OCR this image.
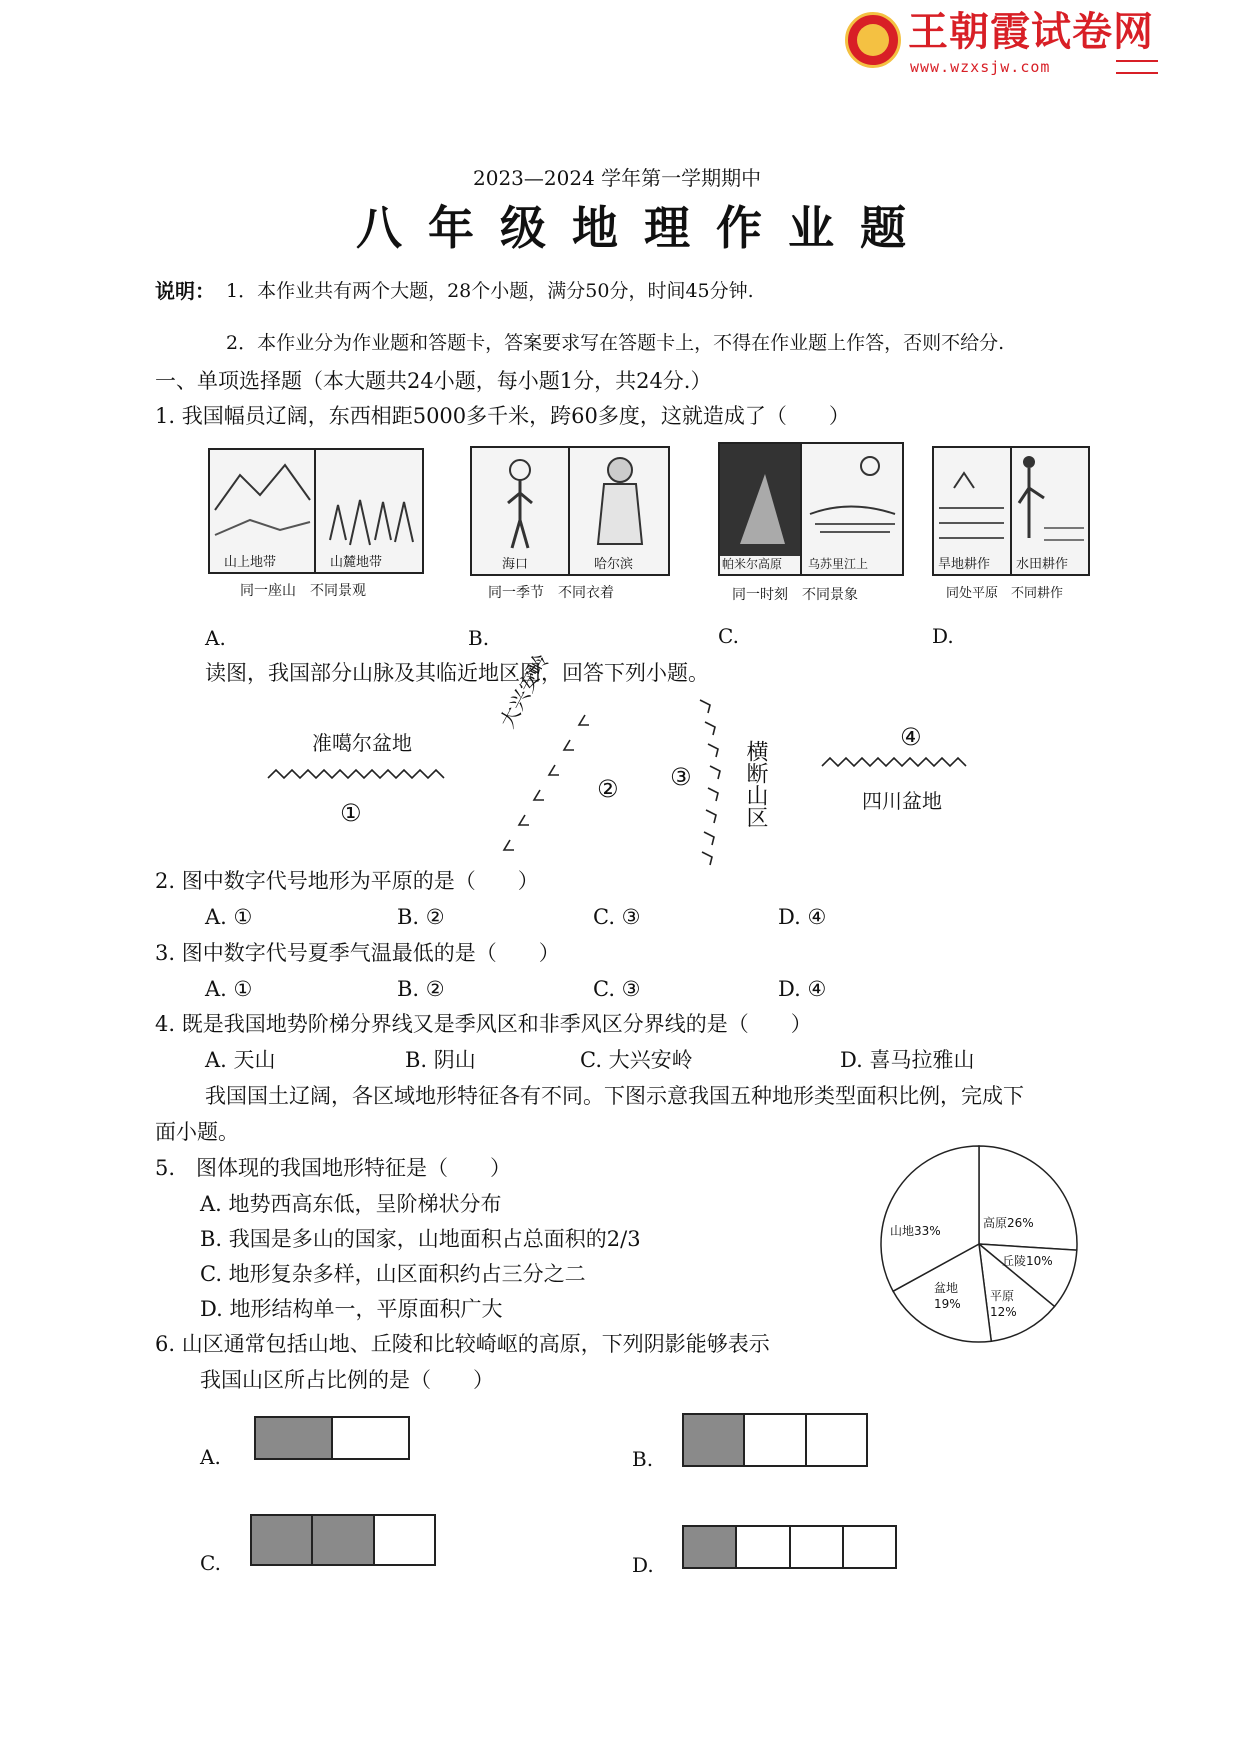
王朝霞试卷网
www.wzxsjw.com
2023—2024 学年第一学期期中
八年级地理作业题
说明： 1．本作业共有两个大题，28个小题，满分50分，时间45分钟.
2．本作业分为作业题和答题卡，答案要求写在答题卡上，不得在作业题上作答，否则不给分.
一、单项选择题（本大题共24小题，每小题1分，共24分.）
1. 我国幅员辽阔，东西相距5000多千米，跨60多度，这就造成了（　　）
山上地带	山麓地带
同一座山　不同景观
A.
海口	哈尔滨
同一季节　不同衣着
B.
帕米尔高原 乌苏里江上
同一时刻　不同景象
C.
旱地耕作 水田耕作
同处平原　不同耕作
D.
读图，我国部分山脉及其临近地区图，回答下列小题。
准噶尔盆地
①
大兴安岭
② ③ 横断山区
④
四川盆地
2. 图中数字代号地形为平原的是（　　）
A. ①	B. ②	C. ③	D. ④
3. 图中数字代号夏季气温最低的是（　　）
A. ①	B. ②	C. ③	D. ④
4. 既是我国地势阶梯分界线又是季风区和非季风区分界线的是（　　）
A. 天山	B. 阴山	C. 大兴安岭	D. 喜马拉雅山
我国国土辽阔，各区域地形特征各有不同。下图示意我国五种地形类型面积比例，完成下
面小题。
5.　图体现的我国地形特征是（　　）
A. 地势西高东低，呈阶梯状分布
B. 我国是多山的国家，山地面积占总面积的2/3
C. 地形复杂多样，山区面积约占三分之二
D. 地形结构单一，平原面积广大
山地33%
高原26%
丘陵10%
平原 12%
盆地 19%
6. 山区通常包括山地、丘陵和比较崎岖的高原，下列阴影能够表示
我国山区所占比例的是（　　）
A.	B.
C.	D.
